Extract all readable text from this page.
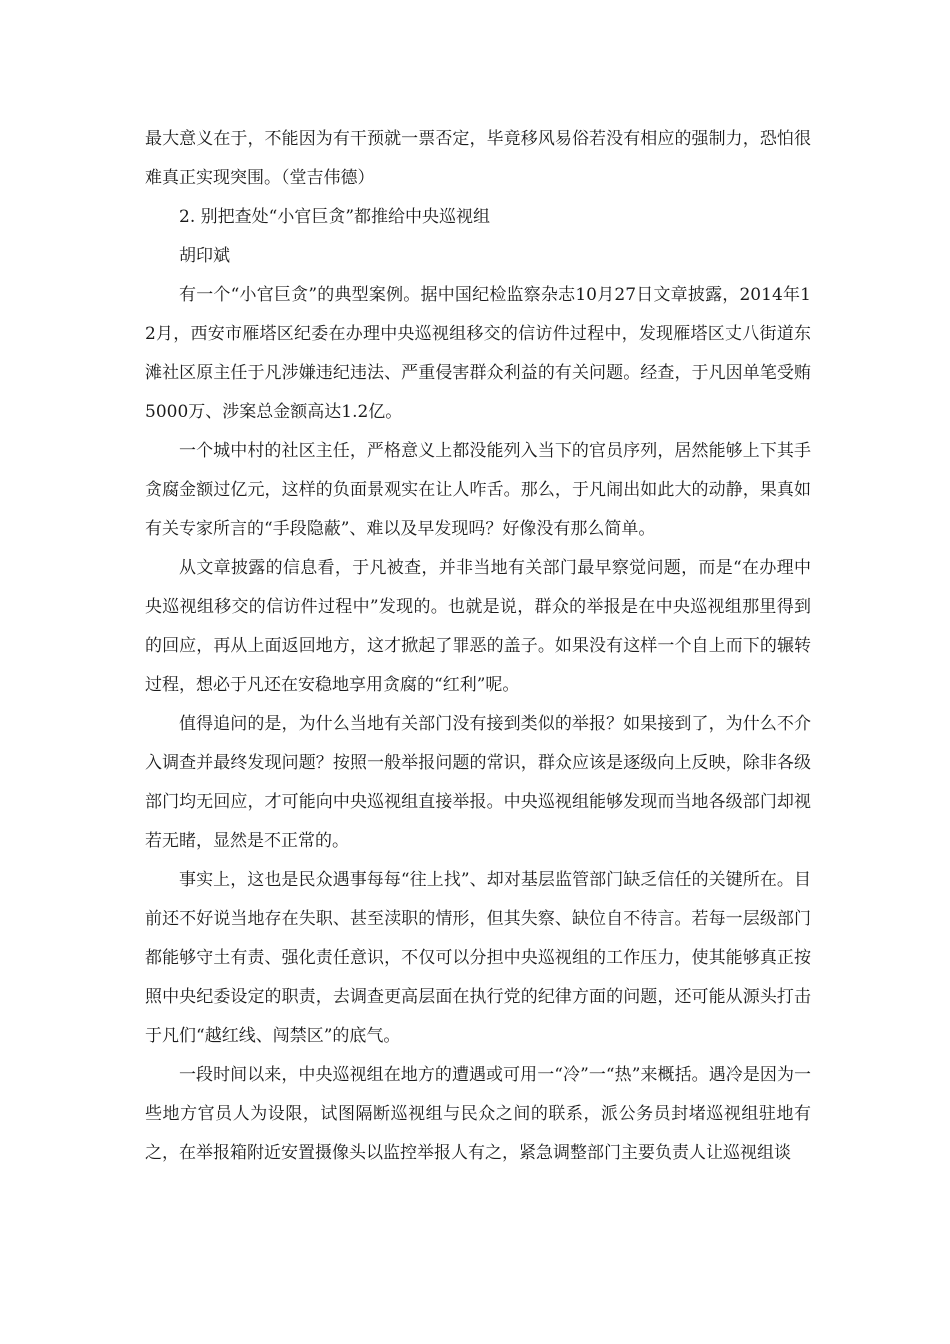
最大意义在于，不能因为有干预就一票否定，毕竟移风易俗若没有相应的强制力，恐怕很难真正实现突围。（堂吉伟德）

2. 别把查处“小官巨贪”都推给中央巡视组

胡印斌

有一个“小官巨贪”的典型案例。据中国纪检监察杂志10月27日文章披露，2014年12月，西安市雁塔区纪委在办理中央巡视组移交的信访件过程中，发现雁塔区丈八街道东滩社区原主任于凡涉嫌违纪违法、严重侵害群众利益的有关问题。经查，于凡因单笔受贿5000万、涉案总金额高达1.2亿。

一个城中村的社区主任，严格意义上都没能列入当下的官员序列，居然能够上下其手贪腐金额过亿元，这样的负面景观实在让人咋舌。那么，于凡闹出如此大的动静，果真如有关专家所言的“手段隐蔽”、难以及早发现吗？好像没有那么简单。

从文章披露的信息看，于凡被查，并非当地有关部门最早察觉问题，而是“在办理中央巡视组移交的信访件过程中”发现的。也就是说，群众的举报是在中央巡视组那里得到的回应，再从上面返回地方，这才掀起了罪恶的盖子。如果没有这样一个自上而下的辗转过程，想必于凡还在安稳地享用贪腐的“红利”呢。

值得追问的是，为什么当地有关部门没有接到类似的举报？如果接到了，为什么不介入调查并最终发现问题？按照一般举报问题的常识，群众应该是逐级向上反映，除非各级部门均无回应，才可能向中央巡视组直接举报。中央巡视组能够发现而当地各级部门却视若无睹，显然是不正常的。

事实上，这也是民众遇事每每“往上找”、却对基层监管部门缺乏信任的关键所在。目前还不好说当地存在失职、甚至渎职的情形，但其失察、缺位自不待言。若每一层级部门都能够守土有责、强化责任意识，不仅可以分担中央巡视组的工作压力，使其能够真正按照中央纪委设定的职责，去调查更高层面在执行党的纪律方面的问题，还可能从源头打击于凡们“越红线、闯禁区”的底气。

一段时间以来，中央巡视组在地方的遭遇或可用一“冷”一“热”来概括。遇冷是因为一些地方官员人为设限，试图隔断巡视组与民众之间的联系，派公务员封堵巡视组驻地有之，在举报箱附近安置摄像头以监控举报人有之，紧急调整部门主要负责人让巡视组谈
